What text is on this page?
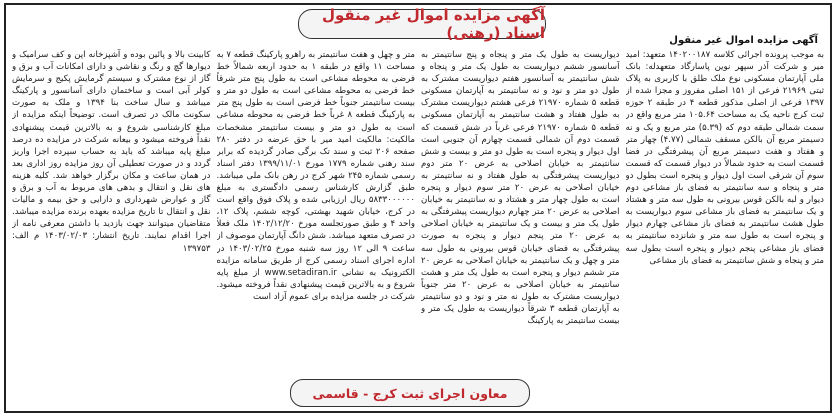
آگهی مزایده اموال غیر منقول اسناد (رهنی)	آگهی مزایده اموال غیر منقول

به موجب پرونده اجرائی کلاسه ۱۴۰۲۰۰۱۸۷ متعهد: امید میر و شرکت آذر سپهر نوین پاسارگاد متعهدله: بانک ملی آپارتمان مسکونی نوع ملک طلق با کاربری به پلاک ثبتی ۲۱۹۶۹ فرعی از ۱۵۱ اصلی مفروز و مجزا شده از ۱۳۹۷ فرعی از اصلی مذکور قطعه ۴ در طبقه ۲ حوزه ثبت کرج ناحیه یک به مساحت ۱۰۵.۶۴ متر مربع واقع در سمت شمالی طبقه دوم که (۵.۳۹) متر مربع و یک و نه دسیمتر مربع آن بالکن مسقف شمالی (۴.۷۷) چهار متر و هفتاد و هفت دسیمتر مربع آن پیشرفتگی در فضا قسمت است به حدود شمالاً در دیوار قسمت که قسمت سوم آن شرقی است اول دیوار و پنجره است بطول دو متر و پنجاه و سه سانتیمتر به فضای باز مشاعی دوم دیوار و لبه بالکن قوس بیرونی به طول سه متر و هشتاد و یک سانتیمتر به فضای باز مشاعی سوم دیواریست به طول هشت سانتیمتر به فضای باز مشاعی چهارم دیوار و پنجره است به طول سه متر و شانزده سانتیمتر به فضای باز مشاعی پنجم دیوار و پنجره است بطول سه متر و پنجاه و شش سانتیمتر به فضای باز مشاعی

دیواریست به طول یک متر و پنجاه و پنج سانتیمتر به آسانسور ششم دیواریست به طول یک متر و پنجاه و شش سانتیمتر به آسانسور هفتم دیواریست مشترک به طول دو متر و نود و نه سانتیمتر به آپارتمان مسکونی قطعه ۵ شماره ۲۱۹۷۰ فرعی هشتم دیواریست مشترک به طول هفتاد و هشت سانتیمتر به آپارتمان مسکونی قطعه ۵ شماره ۲۱۹۷۰ فرعی غرباً در شش قسمت که قسمت دوم آن شمالی قسمت چهارم آن جنوبی است اول دیوار و پنجره است به طول دو متر و بیست و شش سانتیمتر به خیابان اصلاحی به عرض ۲۰ متر دوم دیواریست پیشرفتگی به طول هفتاد و نه سانتیمتر به خیابان اصلاحی به عرض ۲۰ متر سوم دیوار و پنجره است به طول چهار متر و هشتاد و نه سانتیمتر به خیابان اصلاحی به عرض ۲۰ متر چهارم دیواریست پیشرفتگی به طول یک متر و بیست و یک سانتیمتر به خیابان اصلاحی به عرض ۲۰ متر پنجم دیوار و پنجره به صورت پیشرفتگی به فضای خیابان قوس بیرونی به طول سه متر و چهل و یک سانتیمتر به خیابان اصلاحی به عرض ۲۰ متر ششم دیوار و پنجره است به طول یک متر و هشت سانتیمتر به خیابان اصلاحی به عرض ۲۰ متر جنوباً دیواریست مشترک به طول نه متر و نود و دو سانتیمتر به آپارتمان قطعه ۳ شرقاً دیواریست به طول یک متر و بیست سانتیمتر به پارکینگ

متر و چهل و هفت سانتیمتر به راهرو پارکینگ قطعه ۷ به مساحت ۱۱ واقع در طبقه ۱ به حدود اربعه شمالاً خط فرضی به محوطه مشاعی است به طول پنج متر شرقاً خط فرضی به محوطه مشاعی است به طول دو متر و بیست سانتیمتر جنوباً خط فرضی است به طول پنج متر به پارکینگ قطعه ۸ غرباً خط فرضی به محوطه مشاعی است به طول دو متر و بیست سانتیمتر مشخصات مالکیت: مالکیت امید میر با حق عرضه در دفتر ۲۸۰ صفحه ۲۰۶ ثبت و سند تک برگی صادر گردیده که برابر سند رهنی شماره ۱۷۷۹ مورخ ۱۳۹۹/۱۱/۰۱ دفتر اسناد رسمی شماره ۲۴۵ شهر کرج در رهن بانک ملی میباشد. طبق گزارش کارشناس رسمی دادگستری به مبلغ ۵۸۳۳۰۰۰۰۰۰ ریال ارزیابی شده و پلاک فوق واقع است در کرج، خیابان شهید بهشتی، کوچه ششم، پلاک ۱۲، واحد ۴ و طبق صورتجلسه مورخ ۱۴۰۲/۱۲/۲۰ ملک فعلاً در تصرف متعهد میباشد. شش دانگ آپارتمان موصوف از ساعت ۹ الی ۱۲ روز سه شنبه مورخ ۱۴۰۳/۰۲/۲۵ در اداره اجرای اسناد رسمی کرج از طریق سامانه مزایده الکترونیک به نشانی www.setadiran.ir از مبلغ پایه شروع و به بالاترین قیمت پیشنهادی نقداً فروخته میشود. شرکت در جلسه مزایده برای عموم آزاد است

کابینت بالا و پائین بوده و آشپزخانه اپن و کف سرامیک و دیوارها گچ و رنگ و نقاشی و دارای امکانات آب و برق و گاز از نوع مشترک و سیستم گرمایش پکیج و سرمایش کولر آبی است و ساختمان دارای آسانسور و پارکینگ میباشد و سال ساخت بنا ۱۳۹۴ و ملک به صورت سکونت مالک در تصرف است. توضیحاً اینکه مزایده از مبلغ کارشناسی شروع و به بالاترین قیمت پیشنهادی نقداً فروخته میشود و بیعانه شرکت در مزایده ده درصد مبلغ پایه میباشد که باید به حساب سپرده اجرا واریز گردد و در صورت تعطیلی آن روز مزایده روز اداری بعد در همان ساعت و مکان برگزار خواهد شد. کلیه هزینه های نقل و انتقال و بدهی های مربوط به آب و برق و گاز و عوارض شهرداری و دارایی و حق بیمه و مالیات نقل و انتقال تا تاریخ مزایده بعهده برنده مزایده میباشد. متقاضیان میتوانند جهت بازدید با داشتن معرفی نامه از اجرا اقدام نمایند. تاریخ انتشار: ۱۴۰۳/۰۲/۰۳ م الف: ۱۳۹۷۵۳

معاون اجرای ثبت کرج - قاسمی
